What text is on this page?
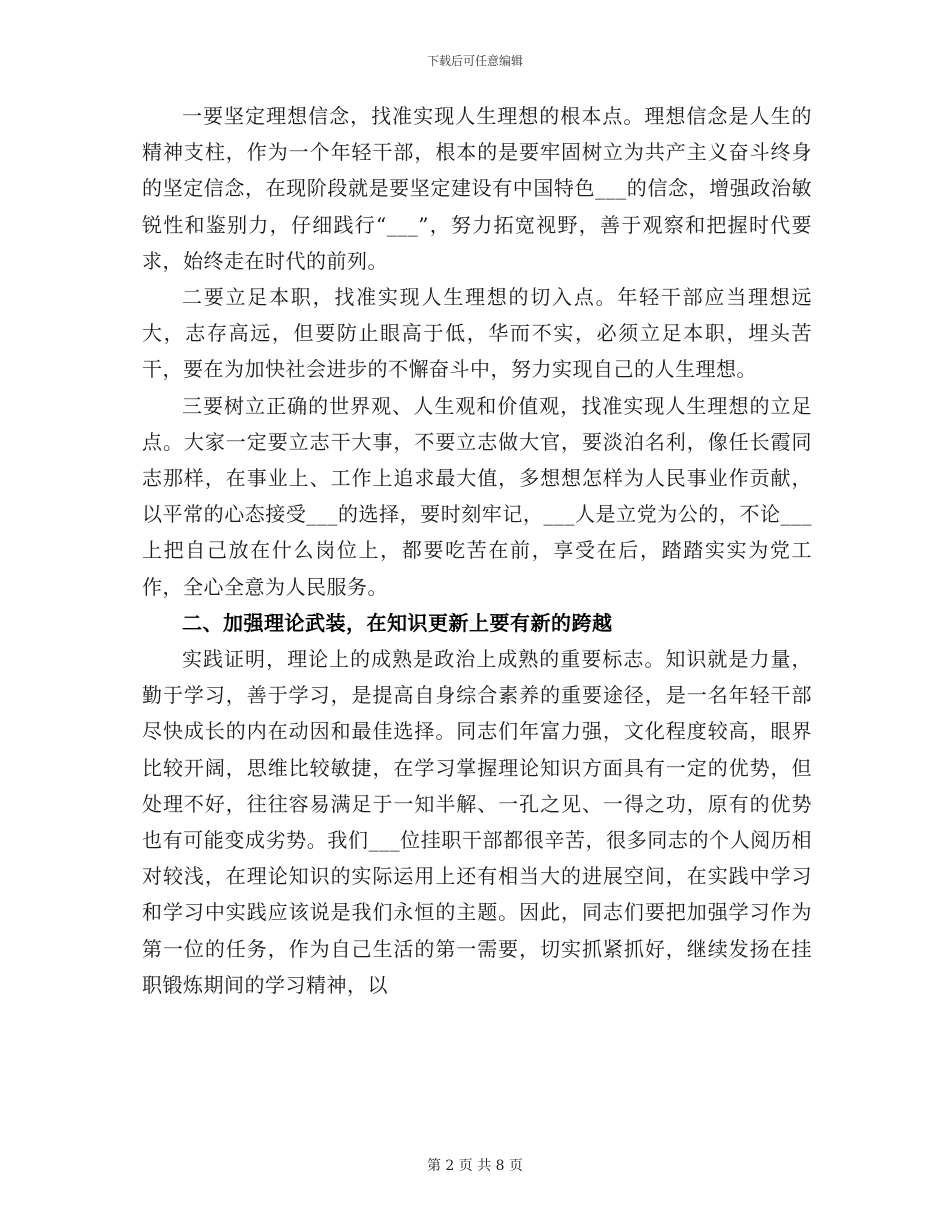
下载后可任意编辑

一要坚定理想信念，找准实现人生理想的根本点。理想信念是人生的精神支柱，作为一个年轻干部，根本的是要牢固树立为共产主义奋斗终身的坚定信念，在现阶段就是要坚定建设有中国特色___的信念，增强政治敏锐性和鉴别力，仔细践行“___”，努力拓宽视野，善于观察和把握时代要求，始终走在时代的前列。

二要立足本职，找准实现人生理想的切入点。年轻干部应当理想远大，志存高远，但要防止眼高于低，华而不实，必须立足本职，埋头苦干，要在为加快社会进步的不懈奋斗中，努力实现自己的人生理想。

三要树立正确的世界观、人生观和价值观，找准实现人生理想的立足点。大家一定要立志干大事，不要立志做大官，要淡泊名利，像任长霞同志那样，在事业上、工作上追求最大值，多想想怎样为人民事业作贡献，以平常的心态接受___的选择，要时刻牢记，___人是立党为公的，不论___上把自己放在什么岗位上，都要吃苦在前，享受在后，踏踏实实为党工作，全心全意为人民服务。

二、加强理论武装，在知识更新上要有新的跨越

实践证明，理论上的成熟是政治上成熟的重要标志。知识就是力量，勤于学习，善于学习，是提高自身综合素养的重要途径，是一名年轻干部尽快成长的内在动因和最佳选择。同志们年富力强，文化程度较高，眼界比较开阔，思维比较敏捷，在学习掌握理论知识方面具有一定的优势，但处理不好，往往容易满足于一知半解、一孔之见、一得之功，原有的优势也有可能变成劣势。我们___位挂职干部都很辛苦，很多同志的个人阅历相对较浅，在理论知识的实际运用上还有相当大的进展空间，在实践中学习和学习中实践应该说是我们永恒的主题。因此，同志们要把加强学习作为第一位的任务，作为自己生活的第一需要，切实抓紧抓好，继续发扬在挂职锻炼期间的学习精神，以

第 2 页 共 8 页
